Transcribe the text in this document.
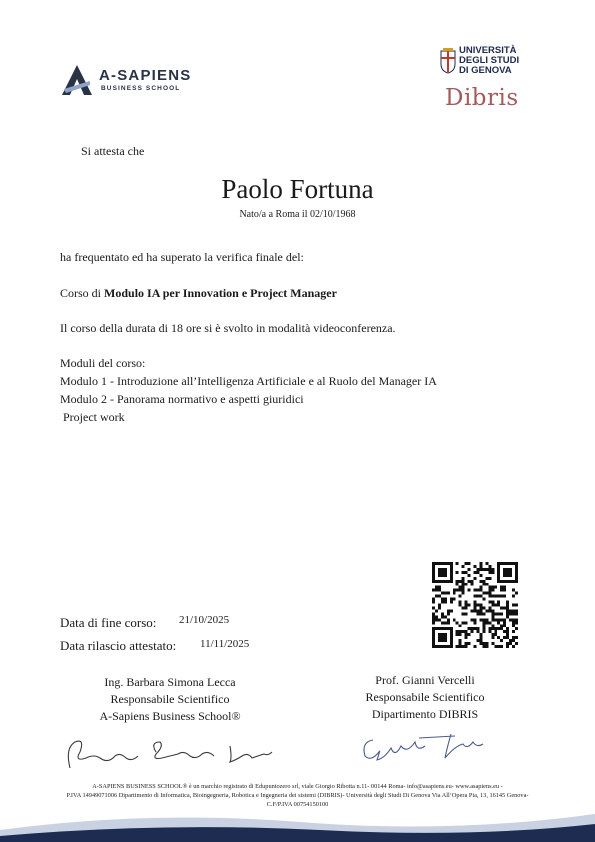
A-SAPIENS
BUSINESS SCHOOL
UNIVERSITÀ
DEGLI STUDI
DI GENOVA
Dibris
Si attesta che
Paolo Fortuna
Nato/a a Roma il 02/10/1968
ha frequentato ed ha superato la verifica finale del:
Corso di Modulo IA per Innovation e Project Manager
Il corso della durata di 18 ore si è svolto in modalità videoconferenza.
Moduli del corso:
Modulo 1 - Introduzione all’Intelligenza Artificiale e al Ruolo del Manager IA
Modulo 2 - Panorama normativo e aspetti giuridici
Project work
Data di fine corso: 21/10/2025
Data rilascio attestato: 11/11/2025
Ing. Barbara Simona Lecca
Responsabile Scientifico
A-Sapiens Business School®
Prof. Gianni Vercelli
Responsabile Scientifico
Dipartimento DIBRIS
A-SAPIENS BUSINESS SCHOOL® è un marchio registrato di Edupuntozero srl, viale Giorgio Ribotta n.11- 00144 Roma- info@asapiens.eu- www.asapiens.eu -
P.IVA 14949071006 Dipartimento di Informatica, Bioingegneria, Robotica e Ingegneria dei sistemi (DIBRIS)- Università degli Studi Di Genova Via All’Opera Pia, 13, 16145 Genova-
C.F/P.IVA 00754150100
